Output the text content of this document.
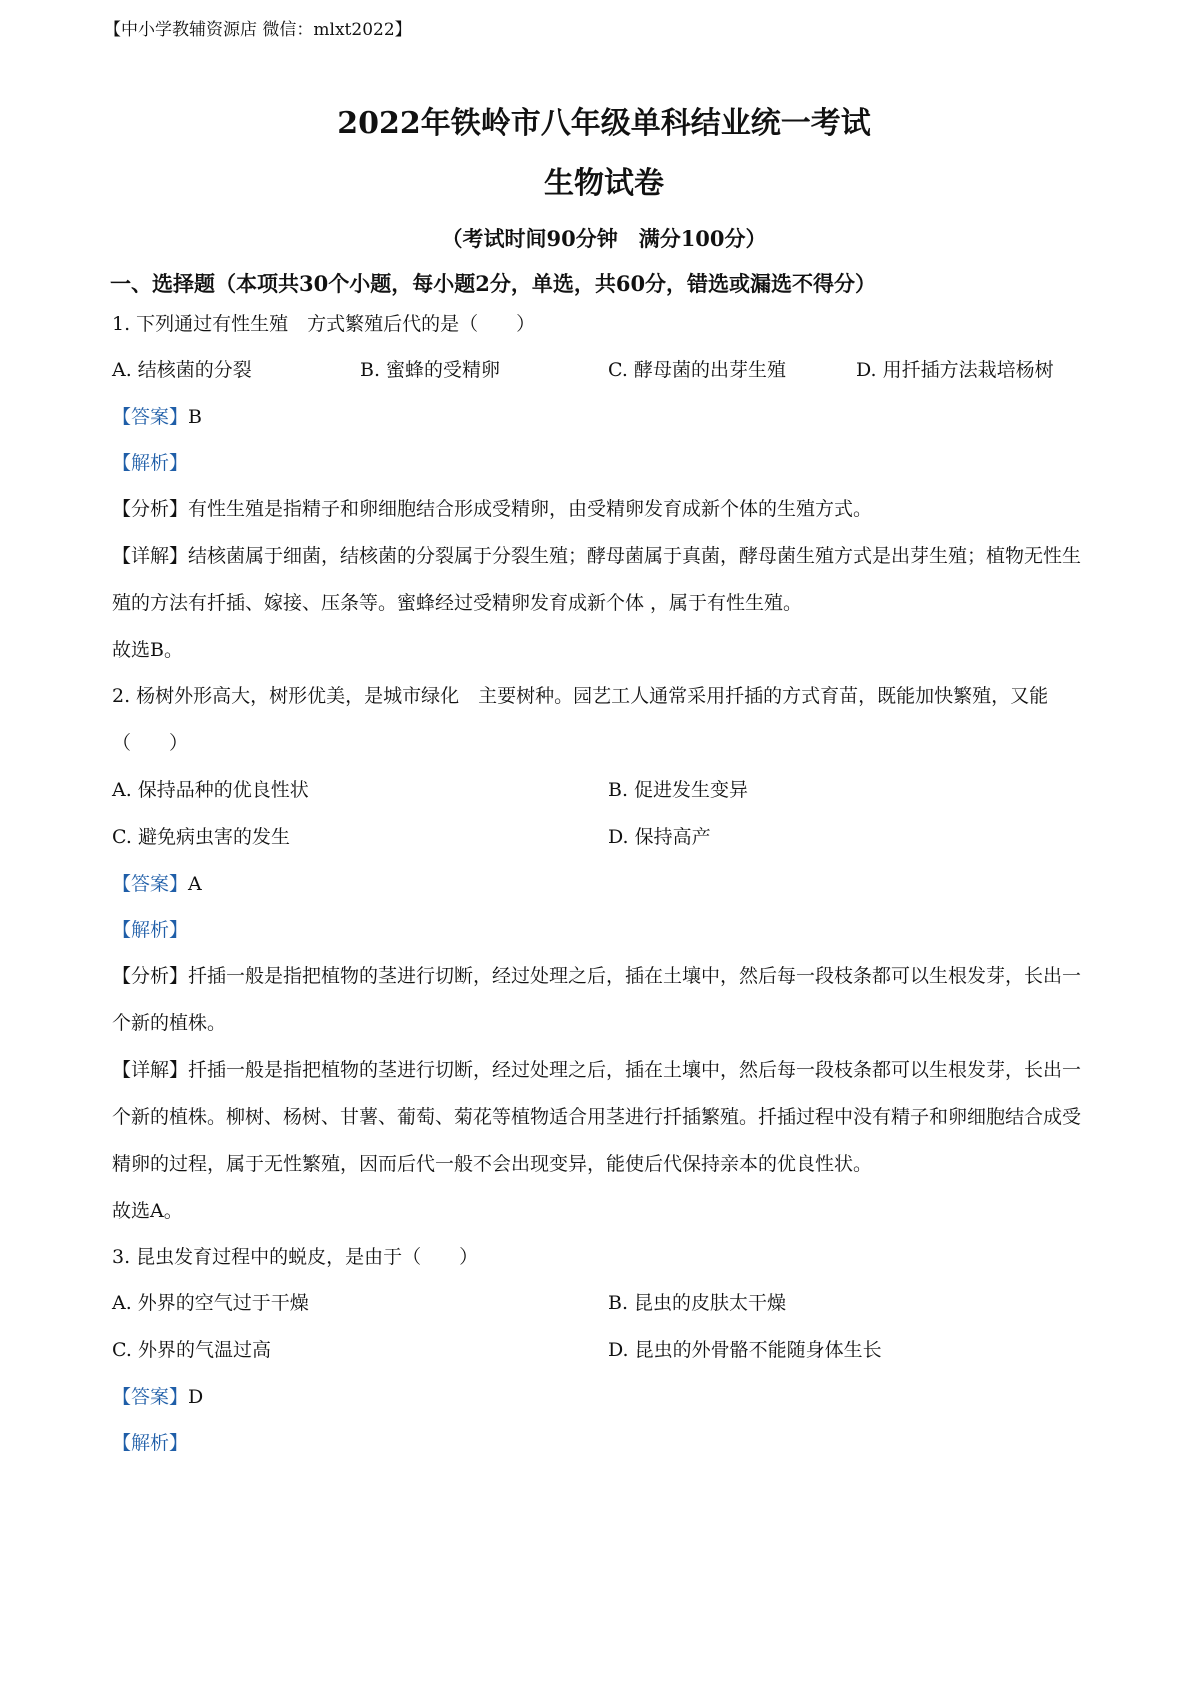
【中小学教辅资源店 微信：mlxt2022】
2022年铁岭市八年级单科结业统一考试
生物试卷
（考试时间90分钟　满分100分）
一、选择题（本项共30个小题，每小题2分，单选，共60分，错选或漏选不得分）
1. 下列通过有性生殖　方式繁殖后代的是（　　）
A. 结核菌的分裂	B. 蜜蜂的受精卵	C. 酵母菌的出芽生殖	D. 用扦插方法栽培杨树
【答案】B
【解析】
【分析】有性生殖是指精子和卵细胞结合形成受精卵，由受精卵发育成新个体的生殖方式。
【详解】结核菌属于细菌，结核菌的分裂属于分裂生殖；酵母菌属于真菌，酵母菌生殖方式是出芽生殖；植物无性生殖的方法有扦插、嫁接、压条等。蜜蜂经过受精卵发育成新个体 ，属于有性生殖。
故选B。
2. 杨树外形高大，树形优美，是城市绿化　主要树种。园艺工人通常采用扦插的方式育苗，既能加快繁殖，又能（　　）
A. 保持品种的优良性状	B. 促进发生变异
C. 避免病虫害的发生	D. 保持高产
【答案】A
【解析】
【分析】扦插一般是指把植物的茎进行切断，经过处理之后，插在土壤中，然后每一段枝条都可以生根发芽，长出一个新的植株。
【详解】扦插一般是指把植物的茎进行切断，经过处理之后，插在土壤中，然后每一段枝条都可以生根发芽，长出一个新的植株。柳树、杨树、甘薯、葡萄、菊花等植物适合用茎进行扦插繁殖。扦插过程中没有精子和卵细胞结合成受精卵的过程，属于无性繁殖，因而后代一般不会出现变异，能使后代保持亲本的优良性状。
故选A。
3. 昆虫发育过程中的蜕皮，是由于（　　）
A. 外界的空气过于干燥	B. 昆虫的皮肤太干燥
C. 外界的气温过高	D. 昆虫的外骨骼不能随身体生长
【答案】D
【解析】
